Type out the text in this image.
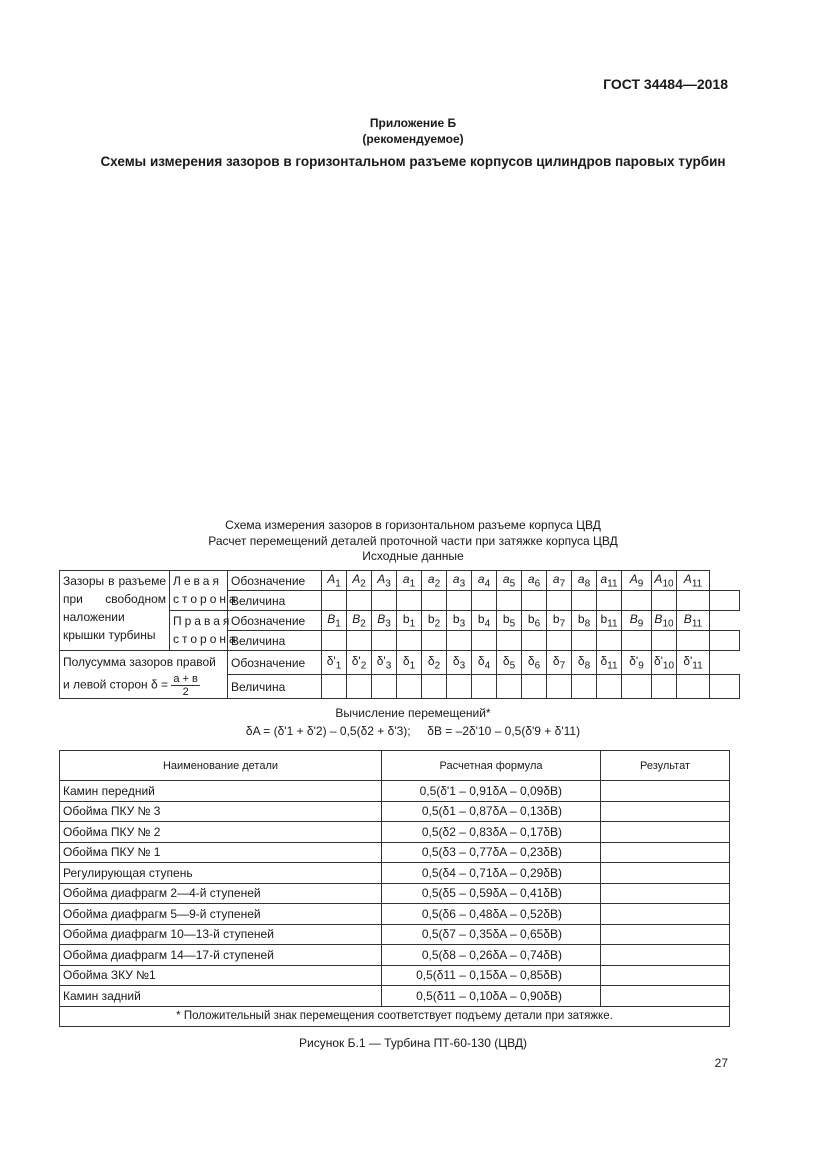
ГОСТ 34484—2018
Приложение Б
(рекомендуемое)
Схемы измерения зазоров в горизонтальном разъеме корпусов цилиндров паровых турбин
Схема измерения зазоров в горизонтальном разъеме корпуса ЦВД
Расчет перемещений деталей проточной части при затяжке корпуса ЦВД
Исходные данные
Зазоры в разъеме при свободном наложении крышки турбины	Левая сторона	Обозначение	$A_1$	$A_2$	$A_3$	$a_1$	$a_2$	$a_3$	$a_4$	$a_5$	$a_6$	$a_7$	$a_8$	$a_{11}$	$A_9$	$A_{10}$	$A_{11}$
		Величина																
	Правая сторона	Обозначение	$B_1$	$B_2$	$B_3$	$b_1$	$b_2$	$b_3$	$b_4$	$b_5$	$b_6$	$b_7$	$b_8$	$b_{11}$	$B_9$	$B_{10}$	$B_{11}$
		Величина																
Полусумма зазоров правой и левой сторон $\delta = \frac{a + в}{2}$		Обозначение	$\delta'_1$	$\delta'_2$	$\delta'_3$	$\delta_1$	$\delta_2$	$\delta_3$	$\delta_4$	$\delta_5$	$\delta_6$	$\delta_7$	$\delta_8$	$\delta_{11}$	$\delta'_9$	$\delta'_{10}$	$\delta'_{11}$
		Величина																
Вычисление перемещений*
δA = (δ'1 + δ'2) – 0,5(δ2 + δ'3); δB = –2δ'10 – 0,5(δ'9 + δ'11)
Наименование детали	Расчетная формула	Результат
Камин передний	0,5(δ'1 – 0,91δA – 0,09δB)	
Обойма ПКУ № 3	0,5(δ1 – 0,87δA – 0,13δB)	
Обойма ПКУ № 2	0,5(δ2 – 0,83δA – 0,17δB)	
Обойма ПКУ № 1	0,5(δ3 – 0,77δA – 0,23δB)	
Регулирующая ступень	0,5(δ4 – 0,71δA – 0,29δB)	
Обойма диафрагм 2—4-й ступеней	0,5(δ5 – 0,59δA – 0,41δB)	
Обойма диафрагм 5—9-й ступеней	0,5(δ6 – 0,48δA – 0,52δB)	
Обойма диафрагм 10—13-й ступеней	0,5(δ7 – 0,35δA – 0,65δB)	
Обойма диафрагм 14—17-й ступеней	0,5(δ8 – 0,26δA – 0,74δB)	
Обойма ЗКУ №1	0,5(δ11 – 0,15δA – 0,85δB)	
Камин задний	0,5(δ11 – 0,10δA – 0,90δB)	
* Положительный знак перемещения соответствует подъему детали при затяжке.		
Рисунок Б.1 — Турбина ПТ-60-130 (ЦВД)
27
